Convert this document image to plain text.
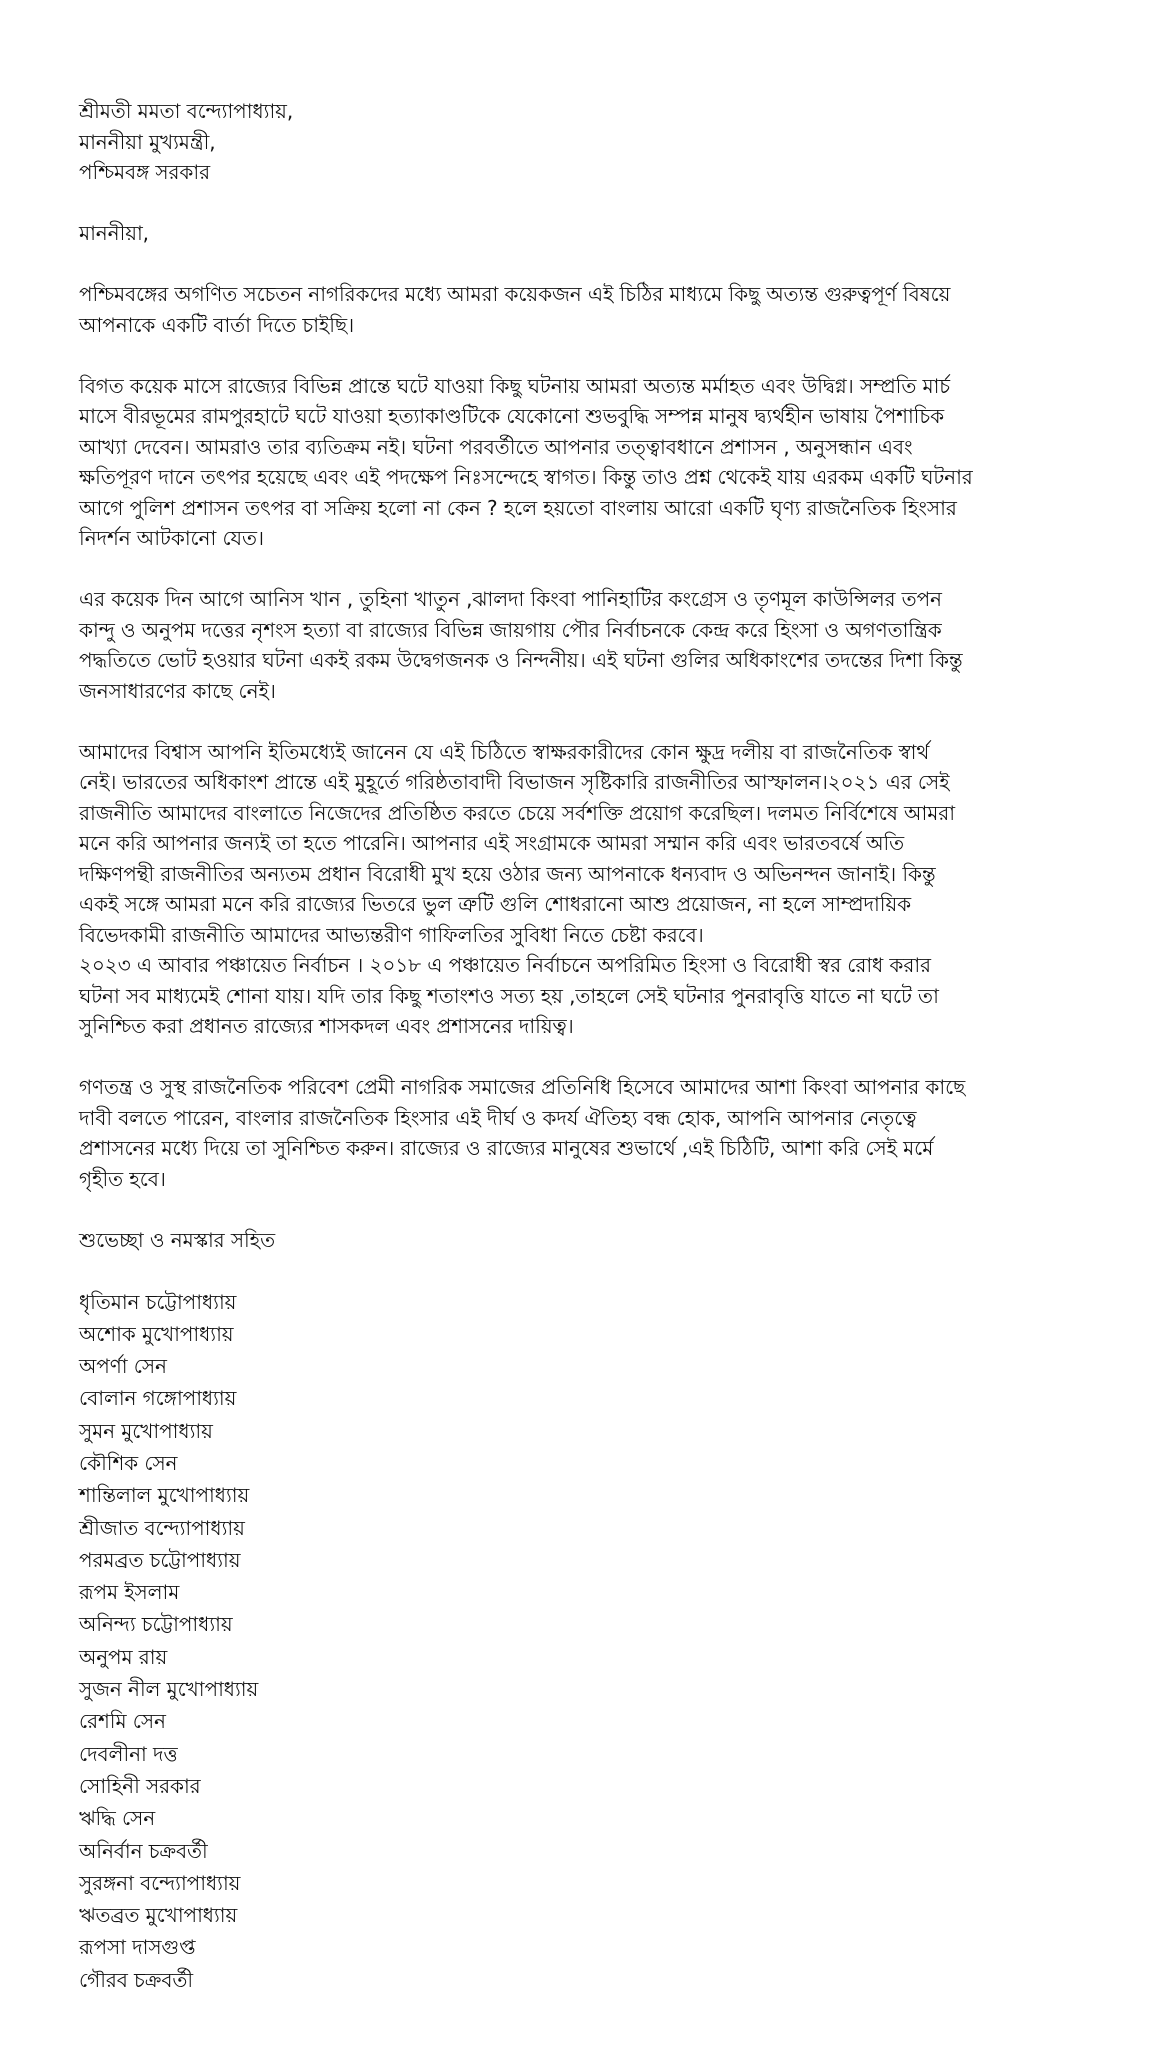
শ্রীমতী মমতা বন্দ্যোপাধ্যায়,
মাননীয়া মুখ্যমন্ত্রী,
পশ্চিমবঙ্গ সরকার
মাননীয়া,
পশ্চিমবঙ্গের অগণিত সচেতন নাগরিকদের মধ্যে আমরা কয়েকজন এই চিঠির মাধ্যমে কিছু অত্যন্ত গুরুত্বপূর্ণ বিষয়ে
আপনাকে একটি বার্তা দিতে চাইছি।
বিগত কয়েক মাসে রাজ্যের বিভিন্ন প্রান্তে ঘটে যাওয়া কিছু ঘটনায় আমরা অত্যন্ত মর্মাহত এবং উদ্বিগ্ন। সম্প্রতি মার্চ
মাসে বীরভূমের রামপুরহাটে ঘটে যাওয়া হত্যাকাণ্ডটিকে যেকোনো শুভবুদ্ধি সম্পন্ন মানুষ দ্ব্যর্থহীন ভাষায় পৈশাচিক
আখ্যা দেবেন। আমরাও তার ব্যতিক্রম নই। ঘটনা পরবর্তীতে আপনার তত্ত্বাবধানে প্রশাসন , অনুসন্ধান এবং
ক্ষতিপূরণ দানে তৎপর হয়েছে এবং এই পদক্ষেপ নিঃসন্দেহে স্বাগত। কিন্তু তাও প্রশ্ন থেকেই যায় এরকম একটি ঘটনার
আগে পুলিশ প্রশাসন তৎপর বা সক্রিয় হলো না কেন ? হলে হয়তো বাংলায় আরো একটি ঘৃণ্য রাজনৈতিক হিংসার
নিদর্শন আটকানো যেত।
এর কয়েক দিন আগে আনিস খান , তুহিনা খাতুন ,ঝালদা কিংবা পানিহাটির কংগ্রেস ও তৃণমূল কাউন্সিলর তপন
কান্দু ও অনুপম দত্তের নৃশংস হত্যা বা রাজ্যের বিভিন্ন জায়গায় পৌর নির্বাচনকে কেন্দ্র করে হিংসা ও অগণতান্ত্রিক
পদ্ধতিতে ভোট হওয়ার ঘটনা একই রকম উদ্বেগজনক ও নিন্দনীয়। এই ঘটনা গুলির অধিকাংশের তদন্তের দিশা কিন্তু
জনসাধারণের কাছে নেই।
আমাদের বিশ্বাস আপনি ইতিমধ্যেই জানেন যে এই চিঠিতে স্বাক্ষরকারীদের কোন ক্ষুদ্র দলীয় বা রাজনৈতিক স্বার্থ
নেই। ভারতের অধিকাংশ প্রান্তে এই মুহূর্তে গরিষ্ঠতাবাদী বিভাজন সৃষ্টিকারি রাজনীতির আস্ফালন।২০২১ এর সেই
রাজনীতি আমাদের বাংলাতে নিজেদের প্রতিষ্ঠিত করতে চেয়ে সর্বশক্তি প্রয়োগ করেছিল। দলমত নির্বিশেষে আমরা
মনে করি আপনার জন্যই তা হতে পারেনি। আপনার এই সংগ্রামকে আমরা সম্মান করি এবং ভারতবর্ষে অতি
দক্ষিণপন্থী রাজনীতির অন্যতম প্রধান বিরোধী মুখ হয়ে ওঠার জন্য আপনাকে ধন্যবাদ ও অভিনন্দন জানাই। কিন্তু
একই সঙ্গে আমরা মনে করি রাজ্যের ভিতরে ভুল ত্রুটি গুলি শোধরানো আশু প্রয়োজন, না হলে সাম্প্রদায়িক
বিভেদকামী রাজনীতি আমাদের আভ্যন্তরীণ গাফিলতির সুবিধা নিতে চেষ্টা করবে।
২০২৩ এ আবার পঞ্চায়েত নির্বাচন । ২০১৮ এ পঞ্চায়েত নির্বাচনে অপরিমিত হিংসা ও বিরোধী স্বর রোধ করার
ঘটনা সব মাধ্যমেই শোনা যায়। যদি তার কিছু শতাংশও সত্য হয় ,তাহলে সেই ঘটনার পুনরাবৃত্তি যাতে না ঘটে তা
সুনিশ্চিত করা প্রধানত রাজ্যের শাসকদল এবং প্রশাসনের দায়িত্ব।
গণতন্ত্র ও সুস্থ রাজনৈতিক পরিবেশ প্রেমী নাগরিক সমাজের প্রতিনিধি হিসেবে আমাদের আশা কিংবা আপনার কাছে
দাবী বলতে পারেন, বাংলার রাজনৈতিক হিংসার এই দীর্ঘ ও কদর্য ঐতিহ্য বন্ধ হোক, আপনি আপনার নেতৃত্বে
প্রশাসনের মধ্যে দিয়ে তা সুনিশ্চিত করুন। রাজ্যের ও রাজ্যের মানুষের শুভার্থে ,এই চিঠিটি, আশা করি সেই মর্মে
গৃহীত হবে।
শুভেচ্ছা ও নমস্কার সহিত
ধৃতিমান চট্টোপাধ্যায়
অশোক মুখোপাধ্যায়
অপর্ণা সেন
বোলান গঙ্গোপাধ্যায়
সুমন মুখোপাধ্যায়
কৌশিক সেন
শান্তিলাল মুখোপাধ্যায়
শ্রীজাত বন্দ্যোপাধ্যায়
পরমব্রত চট্টোপাধ্যায়
রূপম ইসলাম
অনিন্দ্য চট্টোপাধ্যায়
অনুপম রায়
সুজন নীল মুখোপাধ্যায়
রেশমি সেন
দেবলীনা দত্ত
সোহিনী সরকার
ঋদ্ধি সেন
অনির্বান চক্রবর্তী
সুরঙ্গনা বন্দ্যোপাধ্যায়
ঋতব্রত মুখোপাধ্যায়
রূপসা দাসগুপ্ত
গৌরব চক্রবর্তী
